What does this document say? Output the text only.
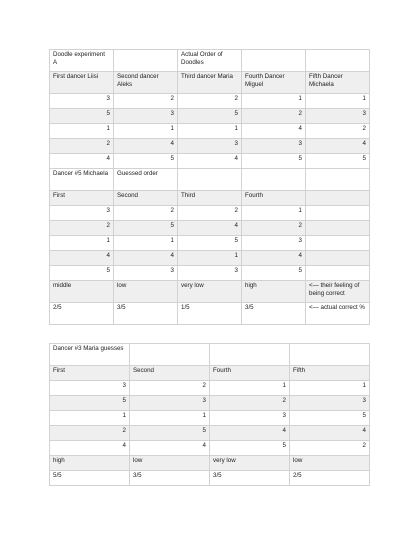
Doodle experiment A		Actual Order of Doodles		
First dancer Liisi	Second dancer Aleks	Third dancer Maria	Fourth Dancer Miguel	Fifth Dancer Michaela
3	2	2	1	1
5	3	5	2	3
1	1	1	4	2
2	4	3	3	4
4	5	4	5	5
Dancer #5 Michaela	Guessed order			
First	Second	Third	Fourth	
3	2	2	1	
2	5	4	2	
1	1	5	3	
4	4	1	4	
5	3	3	5	
middle	low	very low	high	<— their feeling of being correct
2/5	3/5	1/5	3/5	<— actual correct %
Dancer #3 Maria guesses			
First	Second	Fourth	Fifth
3	2	1	1
5	3	2	3
1	1	3	5
2	5	4	4
4	4	5	2
high	low	very low	low
5/5	3/5	3/5	2/5
